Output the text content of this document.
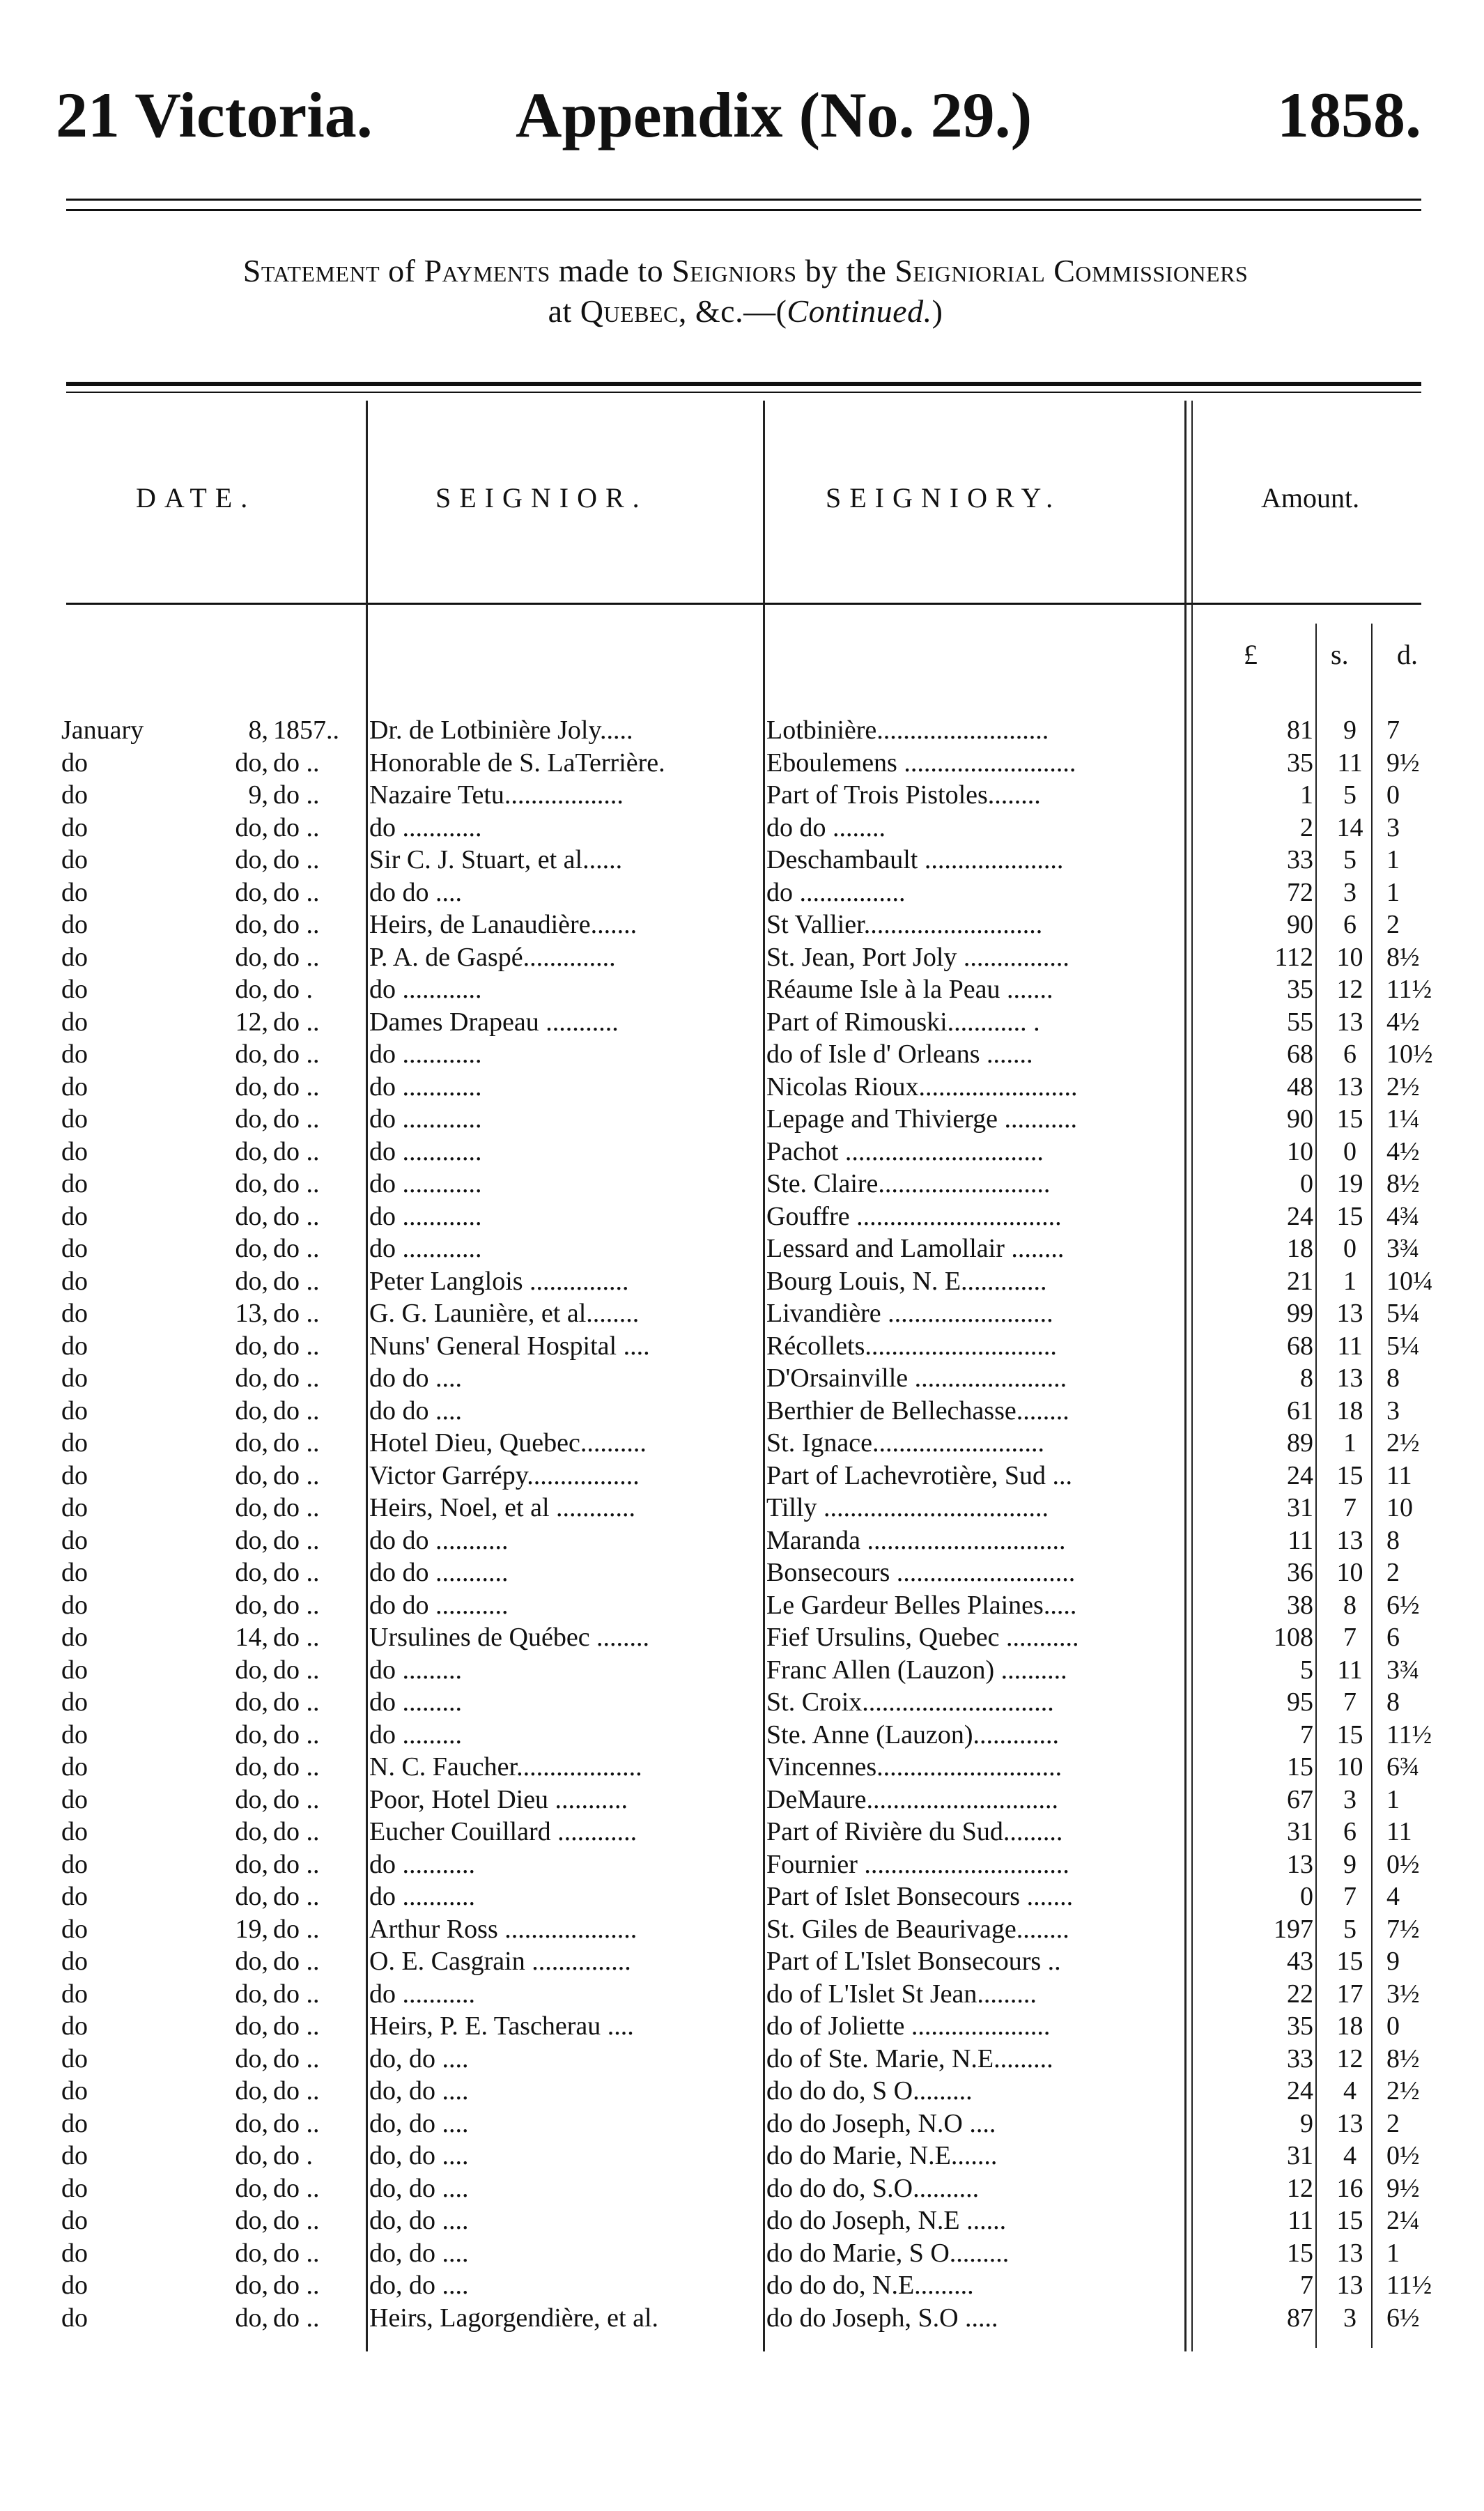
21 Victoria. Appendix (No. 29.)	1858.
Statement of Payments made to Seigniors by the Seigniorial Commissioners
at Quebec, &c.—(Continued.)
DATE.	SEIGNIOR.	SEIGNIORY.	Amount.
£	s. d.
January	8, 1857..	Dr. de Lotbinière Joly.....	Lotbinière..........................	81	9	7
do	do, do ..	Honorable de S. LaTerrière.	Eboulemens ..........................	35 11 9½
do	9, do ..	Nazaire Tetu..................	Part of Trois Pistoles........	1	5	0
do	do, do ..	do ............	do do ........	2 14 3
do	do, do ..	Sir C. J. Stuart, et al......	Deschambault .....................	33	5	1
do	do, do ..	do do ....	do ................	72	3	1
do	do, do ..	Heirs, de Lanaudière.......	St Vallier...........................	90	6	2
do	do, do ..	P. A. de Gaspé..............	St. Jean, Port Joly ................	112 10 8½
do	do, do .	do ............	Réaume Isle à la Peau .......	35 12 11½
do	12, do ..	Dames Drapeau ...........	Part of Rimouski............ .	55 13 4½
do	do, do ..	do ............	do of Isle d' Orleans .......	68	6	10½
do	do, do ..	do ............	Nicolas Rioux........................	48 13 2½
do	do, do ..	do ............	Lepage and Thivierge ...........	90 15 1¼
do	do, do ..	do ............	Pachot ..............................	10	0	4½
do	do, do ..	do ............	Ste. Claire..........................	0 19 8½
do	do, do ..	do ............	Gouffre ...............................	24 15 4¾
do	do, do ..	do ............	Lessard and Lamollair ........	18	0	3¾
do	do, do ..	Peter Langlois ...............	Bourg Louis, N. E.............	21	1	10¼
do	13, do ..	G. G. Launière, et al........	Livandière .........................	99 13 5¼
do	do, do ..	Nuns' General Hospital ....	Récollets.............................	68 11 5¼
do	do, do ..	do do ....	D'Orsainville .......................	8 13 8
do	do, do ..	do do ....	Berthier de Bellechasse........	61 18 3
do	do, do ..	Hotel Dieu, Quebec..........	St. Ignace..........................	89	1	2½
do	do, do ..	Victor Garrépy.................	Part of Lachevrotière, Sud ...	24 15 11
do	do, do ..	Heirs, Noel, et al ............	Tilly ..................................	31	7	10
do	do, do ..	do do ...........	Maranda ..............................	11 13 8
do	do, do ..	do do ...........	Bonsecours ...........................	36 10 2
do	do, do ..	do do ...........	Le Gardeur Belles Plaines.....	38	8	6½
do	14, do ..	Ursulines de Québec ........	Fief Ursulins, Quebec ...........	108	7	6
do	do, do ..	do .........	Franc Allen (Lauzon) ..........	5 11 3¾
do	do, do ..	do .........	St. Croix.............................	95	7	8
do	do, do ..	do .........	Ste. Anne (Lauzon).............	7 15 11½
do	do, do ..	N. C. Faucher...................	Vincennes............................	15 10 6¾
do	do, do ..	Poor, Hotel Dieu ...........	DeMaure.............................	67	3	1
do	do, do ..	Eucher Couillard ............	Part of Rivière du Sud.........	31	6	11
do	do, do ..	do ...........	Fournier ...............................	13	9	0½
do	do, do ..	do ...........	Part of Islet Bonsecours .......	0	7	4
do	19, do ..	Arthur Ross ....................	St. Giles de Beaurivage........	197	5	7½
do	do, do ..	O. E. Casgrain ...............	Part of L'Islet Bonsecours ..	43 15 9
do	do, do ..	do ...........	do of L'Islet St Jean.........	22 17 3½
do	do, do ..	Heirs, P. E. Tascherau ....	do of Joliette .....................	35 18 0
do	do, do ..	do, do ....	do of Ste. Marie, N.E.........	33 12 8½
do	do, do ..	do, do ....	do do do, S O.........	24	4	2½
do	do, do ..	do, do ....	do do Joseph, N.O ....	9 13 2
do	do, do .	do, do ....	do do Marie, N.E.......	31	4	0½
do	do, do ..	do, do ....	do do do, S.O..........	12 16 9½
do	do, do ..	do, do ....	do do Joseph, N.E ......	11 15 2¼
do	do, do ..	do, do ....	do do Marie, S O.........	15 13 1
do	do, do ..	do, do ....	do do do, N.E.........	7 13 11½
do	do, do ..	Heirs, Lagorgendière, et al.	do do Joseph, S.O .....	87	3	6½
